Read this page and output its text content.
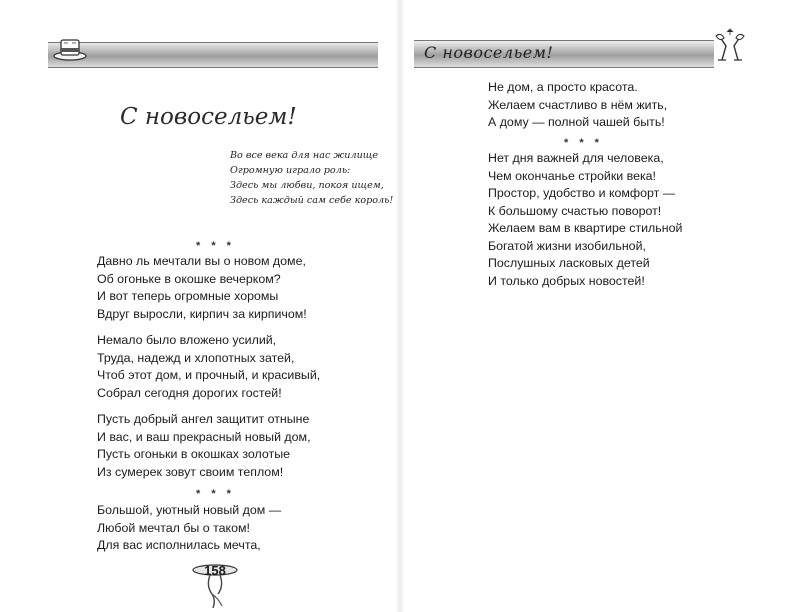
С новосельем!
Во все века для нас жилище
Огромную играло роль:
Здесь мы любви, покоя ищем,
Здесь каждый сам себе король!
* * *
Давно ль мечтали вы о новом доме,
Об огоньке в окошке вечерком?
И вот теперь огромные хоромы
Вдруг выросли, кирпич за кирпичом!
Немало было вложено усилий,
Труда, надежд и хлопотных затей,
Чтоб этот дом, и прочный, и красивый,
Собрал сегодня дорогих гостей!
Пусть добрый ангел защитит отныне
И вас, и ваш прекрасный новый дом,
Пусть огоньки в окошках золотые
Из сумерек зовут своим теплом!
* * *
Большой, уютный новый дом —
Любой мечтал бы о таком!
Для вас исполнилась мечта,
158
С новосельем!
Не дом, а просто красота.
Желаем счастливо в нём жить,
А дому — полной чашей быть!
* * *
Нет дня важней для человека,
Чем окончанье стройки века!
Простор, удобство и комфорт —
К большому счастью поворот!
Желаем вам в квартире стильной
Богатой жизни изобильной,
Послушных ласковых детей
И только добрых новостей!
